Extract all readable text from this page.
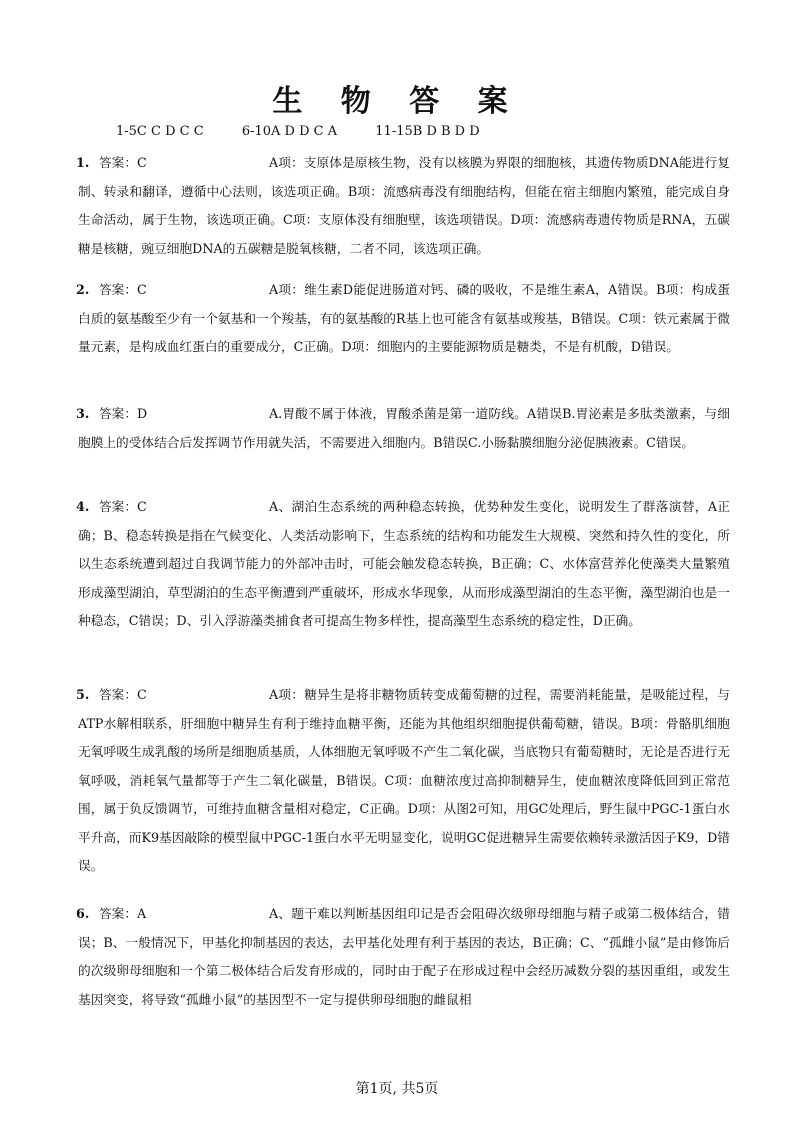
生 物 答 案
1-5C C D C C	6-10A D D C A	11-15B D B D D
1. 答案：C	A项：支原体是原核生物，没有以核膜为界限的细胞核，其遗传物质DNA能进行复制、转录和翻译，遵循中心法则，该选项正确。B项：流感病毒没有细胞结构，但能在宿主细胞内繁殖，能完成自身生命活动，属于生物，该选项正确。C项：支原体没有细胞壁，该选项错误。D项：流感病毒遗传物质是RNA，五碳糖是核糖，豌豆细胞DNA的五碳糖是脱氧核糖，二者不同，该选项正确。
2. 答案：C	A项：维生素D能促进肠道对钙、磷的吸收，不是维生素A，A错误。B项：构成蛋白质的氨基酸至少有一个氨基和一个羧基，有的氨基酸的R基上也可能含有氨基或羧基，B错误。C项：铁元素属于微量元素，是构成血红蛋白的重要成分，C正确。D项：细胞内的主要能源物质是糖类，不是有机酸，D错误。
3. 答案：D	A.胃酸不属于体液，胃酸杀菌是第一道防线。A错误B.胃泌素是多肽类激素，与细胞膜上的受体结合后发挥调节作用就失活，不需要进入细胞内。B错误C.小肠黏膜细胞分泌促胰液素。C错误。
4. 答案：C	A、湖泊生态系统的两种稳态转换，优势种发生变化，说明发生了群落演替，A正确；B、稳态转换是指在气候变化、人类活动影响下，生态系统的结构和功能发生大规模、突然和持久性的变化，所以生态系统遭到超过自我调节能力的外部冲击时，可能会触发稳态转换，B正确；C、水体富营养化使藻类大量繁殖形成藻型湖泊，草型湖泊的生态平衡遭到严重破坏，形成水华现象，从而形成藻型湖泊的生态平衡，藻型湖泊也是一种稳态，C错误；D、引入浮游藻类捕食者可提高生物多样性，提高藻型生态系统的稳定性，D正确。
5. 答案：C	A项：糖异生是将非糖物质转变成葡萄糖的过程，需要消耗能量，是吸能过程，与ATP水解相联系，肝细胞中糖异生有利于维持血糖平衡，还能为其他组织细胞提供葡萄糖，错误。B项：骨骼肌细胞无氧呼吸生成乳酸的场所是细胞质基质，人体细胞无氧呼吸不产生二氧化碳，当底物只有葡萄糖时，无论是否进行无氧呼吸，消耗氧气量都等于产生二氧化碳量，B错误。C项：血糖浓度过高抑制糖异生，使血糖浓度降低回到正常范围，属于负反馈调节，可维持血糖含量相对稳定，C正确。D项：从图2可知，用GC处理后，野生鼠中PGC-1蛋白水平升高，而K9基因敲除的模型鼠中PGC-1蛋白水平无明显变化，说明GC促进糖异生需要依赖转录激活因子K9，D错误。
6. 答案：A	A、题干难以判断基因组印记是否会阻碍次级卵母细胞与精子或第二极体结合，错误；B、一般情况下，甲基化抑制基因的表达，去甲基化处理有利于基因的表达，B正确；C、“孤雌小鼠”是由修饰后的次级卵母细胞和一个第二极体结合后发育形成的，同时由于配子在形成过程中会经历减数分裂的基因重组，或发生基因突变，将导致“孤雌小鼠”的基因型不一定与提供卵母细胞的雌鼠相
第1页, 共5页
